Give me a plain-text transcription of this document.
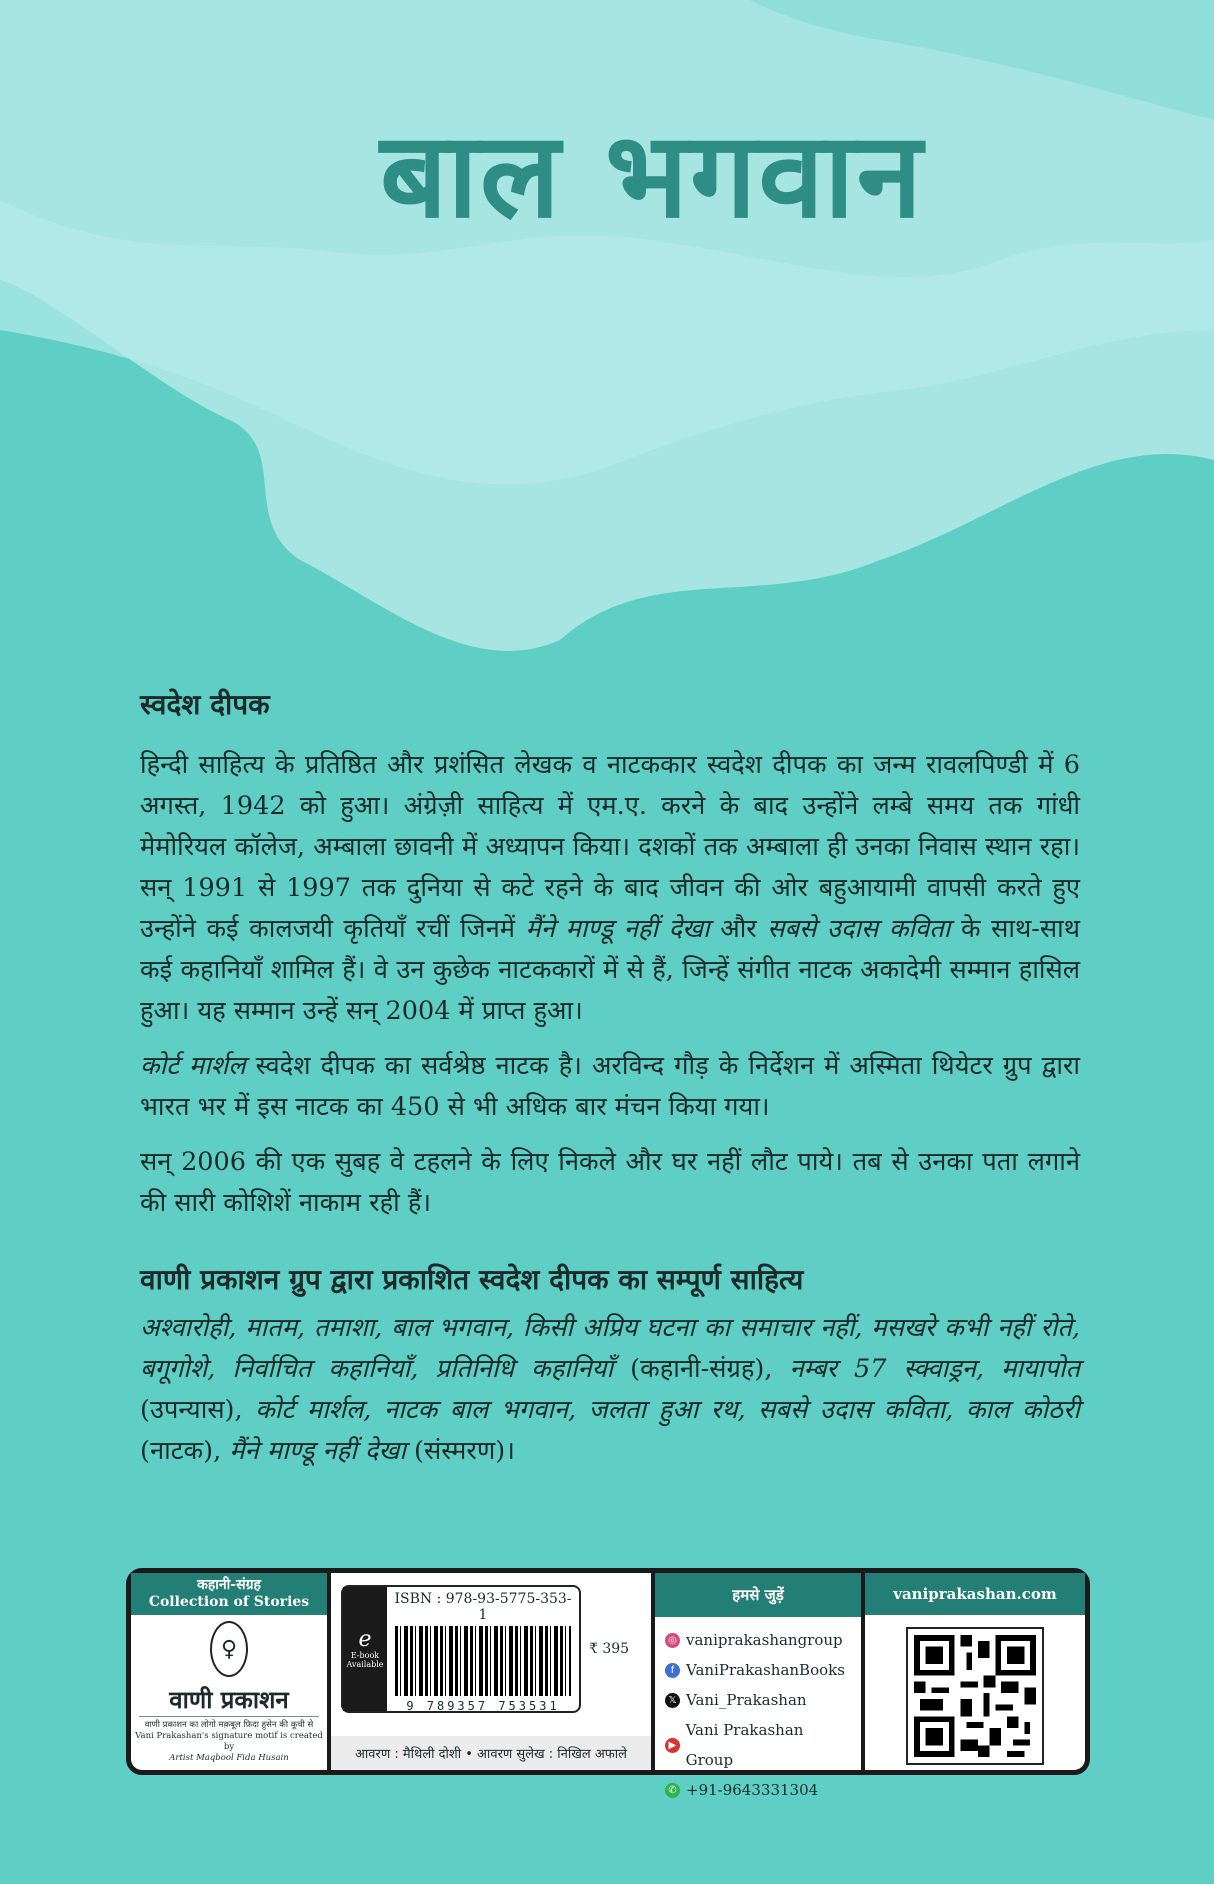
बाल भगवान
स्वदेश दीपक

हिन्दी साहित्य के प्रतिष्ठित और प्रशंसित लेखक व नाटककार स्वदेश दीपक का जन्म रावलपिण्डी में 6 अगस्त, 1942 को हुआ। अंग्रेज़ी साहित्य में एम.ए. करने के बाद उन्होंने लम्बे समय तक गांधी मेमोरियल कॉलेज, अम्बाला छावनी में अध्यापन किया। दशकों तक अम्बाला ही उनका निवास स्थान रहा। सन् 1991 से 1997 तक दुनिया से कटे रहने के बाद जीवन की ओर बहुआयामी वापसी करते हुए उन्होंने कई कालजयी कृतियाँ रचीं जिनमें मैंने माण्डू नहीं देखा और सबसे उदास कविता के साथ-साथ कई कहानियाँ शामिल हैं। वे उन कुछेक नाटककारों में से हैं, जिन्हें संगीत नाटक अकादेमी सम्मान हासिल हुआ। यह सम्मान उन्हें सन् 2004 में प्राप्त हुआ।

कोर्ट मार्शल स्वदेश दीपक का सर्वश्रेष्ठ नाटक है। अरविन्द गौड़ के निर्देशन में अस्मिता थियेटर ग्रुप द्वारा भारत भर में इस नाटक का 450 से भी अधिक बार मंचन किया गया।

सन् 2006 की एक सुबह वे टहलने के लिए निकले और घर नहीं लौट पाये। तब से उनका पता लगाने की सारी कोशिशें नाकाम रही हैं।

वाणी प्रकाशन ग्रुप द्वारा प्रकाशित स्वदेश दीपक का सम्पूर्ण साहित्य

अश्वारोही, मातम, तमाशा, बाल भगवान, किसी अप्रिय घटना का समाचार नहीं, मसखरे कभी नहीं रोते, बगूगोशे, निर्वाचित कहानियाँ, प्रतिनिधि कहानियाँ (कहानी-संग्रह), नम्बर 57 स्क्वाड्रन, मायापोत (उपन्यास), कोर्ट मार्शल, नाटक बाल भगवान, जलता हुआ रथ, सबसे उदास कविता, काल कोठरी (नाटक), मैंने माण्डू नहीं देखा (संस्मरण)।

कहानी-संग्रह
Collection of Stories
♀
वाणी प्रकाशन
वाणी प्रकाशन का लोगो मक़बूल फ़िदा हुसेन की कूची से
Vani Prakashan's signature motif is created by
Artist Maqbool Fida Husain
e
E-book Available
ISBN : 978-93-5775-353-1
9 789357 753531
₹ 395
आवरण : मैथिली दोशी • आवरण सुलेख : निखिल अफाले
हमसे जुड़ें
◎ vaniprakashangroup
f VaniPrakashanBooks
𝕏 Vani_Prakashan
▶
Vani Prakashan Group
✆ +91-9643331304
vaniprakashan.com
